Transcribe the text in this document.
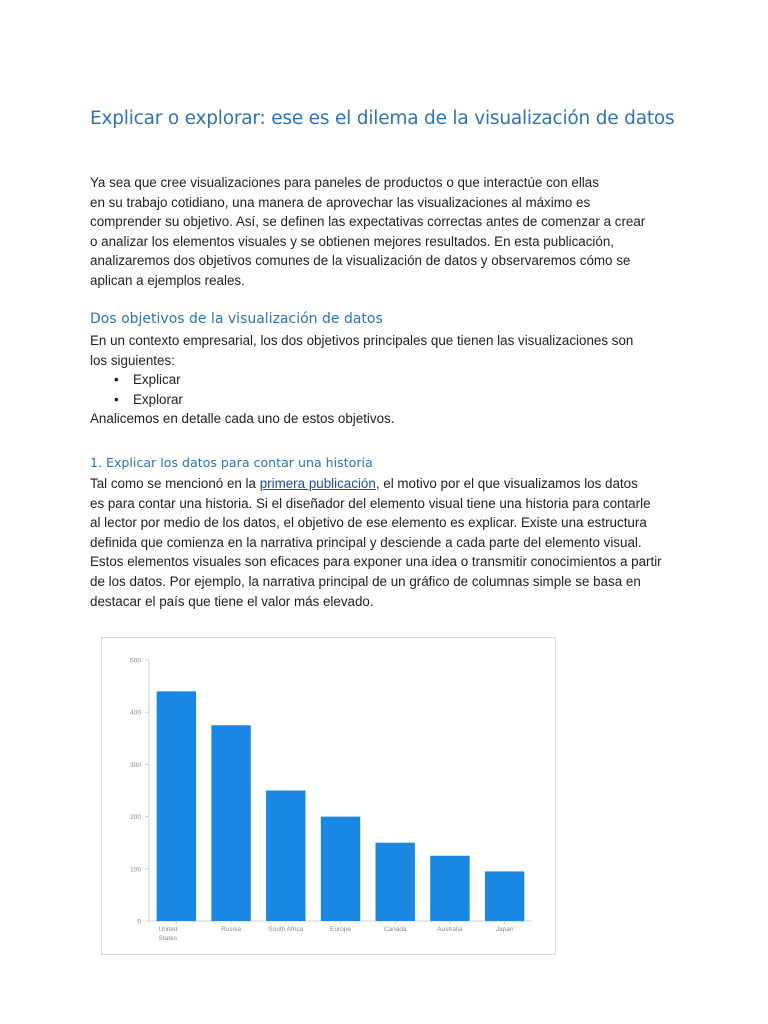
Explicar o explorar: ese es el dilema de la visualización de datos
Ya sea que cree visualizaciones para paneles de productos o que interactúe con ellas
en su trabajo cotidiano, una manera de aprovechar las visualizaciones al máximo es
comprender su objetivo. Así, se definen las expectativas correctas antes de comenzar a crear
o analizar los elementos visuales y se obtienen mejores resultados. En esta publicación,
analizaremos dos objetivos comunes de la visualización de datos y observaremos cómo se
aplican a ejemplos reales.
Dos objetivos de la visualización de datos
En un contexto empresarial, los dos objetivos principales que tienen las visualizaciones son
los siguientes:
• Explicar
• Explorar
Analicemos en detalle cada uno de estos objetivos.
1. Explicar los datos para contar una historia
Tal como se mencionó en la primera publicación, el motivo por el que visualizamos los datos
es para contar una historia. Si el diseñador del elemento visual tiene una historia para contarle
al lector por medio de los datos, el objetivo de ese elemento es explicar. Existe una estructura
definida que comienza en la narrativa principal y desciende a cada parte del elemento visual.
Estos elementos visuales son eficaces para exponer una idea o transmitir conocimientos a partir
de los datos. Por ejemplo, la narrativa principal de un gráfico de columnas simple se basa en
destacar el país que tiene el valor más elevado.
0
100
200
300
400
500
United
States
Russia	South Africa	Europe	Canada	Australia	Japan
